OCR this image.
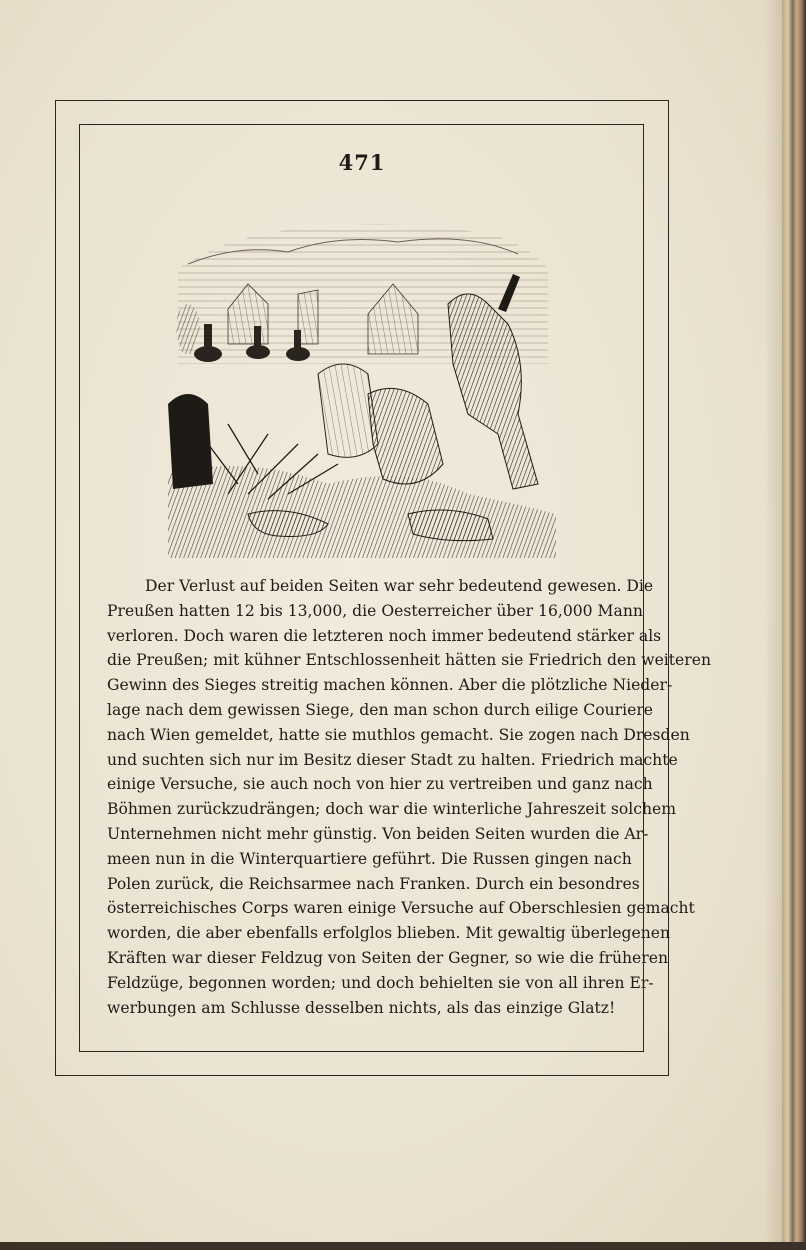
471
Der Verlust auf beiden Seiten war sehr bedeutend gewesen. Die
Preußen hatten 12 bis 13,000, die Oesterreicher über 16,000 Mann
verloren. Doch waren die letzteren noch immer bedeutend stärker als
die Preußen; mit kühner Entschlossenheit hätten sie Friedrich den weiteren
Gewinn des Sieges streitig machen können. Aber die plötzliche Nieder-
lage nach dem gewissen Siege, den man schon durch eilige Couriere
nach Wien gemeldet, hatte sie muthlos gemacht. Sie zogen nach Dresden
und suchten sich nur im Besitz dieser Stadt zu halten. Friedrich machte
einige Versuche, sie auch noch von hier zu vertreiben und ganz nach
Böhmen zurückzudrängen; doch war die winterliche Jahreszeit solchem
Unternehmen nicht mehr günstig. Von beiden Seiten wurden die Ar-
meen nun in die Winterquartiere geführt. Die Russen gingen nach
Polen zurück, die Reichsarmee nach Franken. Durch ein besondres
österreichisches Corps waren einige Versuche auf Oberschlesien gemacht
worden, die aber ebenfalls erfolglos blieben. Mit gewaltig überlegenen
Kräften war dieser Feldzug von Seiten der Gegner, so wie die früheren
Feldzüge, begonnen worden; und doch behielten sie von all ihren Er-
werbungen am Schlusse desselben nichts, als das einzige Glatz!
